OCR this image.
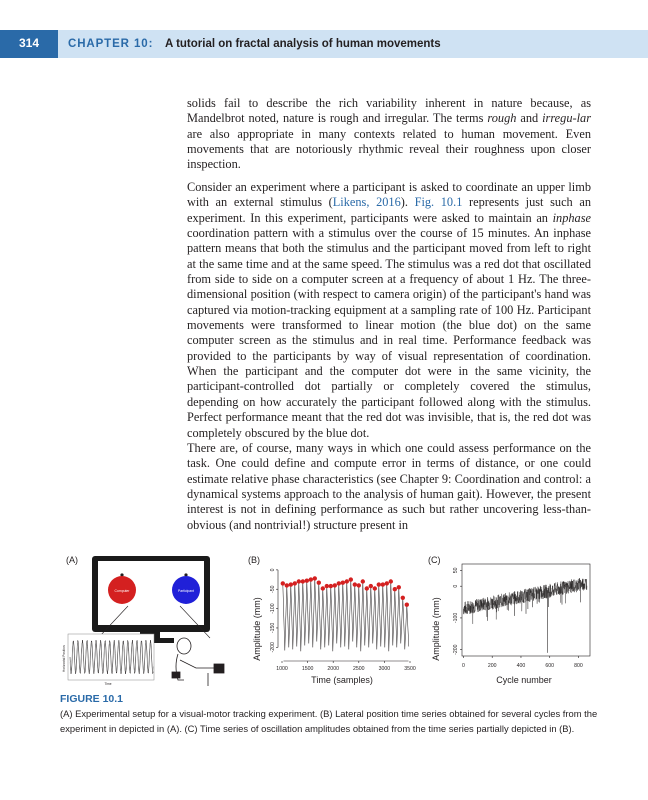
314	CHAPTER 10: A tutorial on fractal analysis of human movements

solids fail to describe the rich variability inherent in nature because, as Mandelbrot noted, nature is rough and irregular. The terms rough and irregu-lar are also appropriate in many contexts related to human movement. Even movements that are notoriously rhythmic reveal their roughness upon closer inspection.

Consider an experiment where a participant is asked to coordinate an upper limb with an external stimulus (Likens, 2016). Fig. 10.1 represents just such an experiment. In this experiment, participants were asked to maintain an inphase coordination pattern with a stimulus over the course of 15 minutes. An inphase pattern means that both the stimulus and the participant moved from left to right at the same time and at the same speed. The stimulus was a red dot that oscillated from side to side on a computer screen at a frequency of about 1 Hz. The three-dimensional position (with respect to camera origin) of the participant's hand was captured via motion-tracking equipment at a sampling rate of 100 Hz. Participant movements were transformed to linear motion (the blue dot) on the same computer screen as the stimulus and in real time. Performance feedback was provided to the participants by way of visual representation of coordination. When the participant and the computer dot were in the same vicinity, the participant-controlled dot partially or completely covered the stimulus, depending on how accurately the participant followed along with the stimulus. Perfect performance meant that the red dot was invisible, that is, the red dot was completely obscured by the blue dot.

There are, of course, many ways in which one could assess performance on the task. One could define and compute error in terms of distance, or one could estimate relative phase characteristics (see Chapter 9: Coordination and control: a dynamical systems approach to the analysis of human gait). However, the present interest is not in defining performance as such but rather uncovering less-than-obvious (and nontrivial!) structure present in

(A)
Computer	Participant
Horizontal Position
Time
(B)
Amplitude (mm)
Time (samples)
-200
-150
-100
-50
0
1000	1500	2000	2500	3000	3500
(C)
Amplitude (mm)
Cycle number
-200
-100
0
50
0	200	400	600	800
FIGURE 10.1
(A) Experimental setup for a visual-motor tracking experiment. (B) Lateral position time series obtained for several cycles from the experiment in depicted in (A). (C) Time series of oscillation amplitudes obtained from the time series partially depicted in (B).
